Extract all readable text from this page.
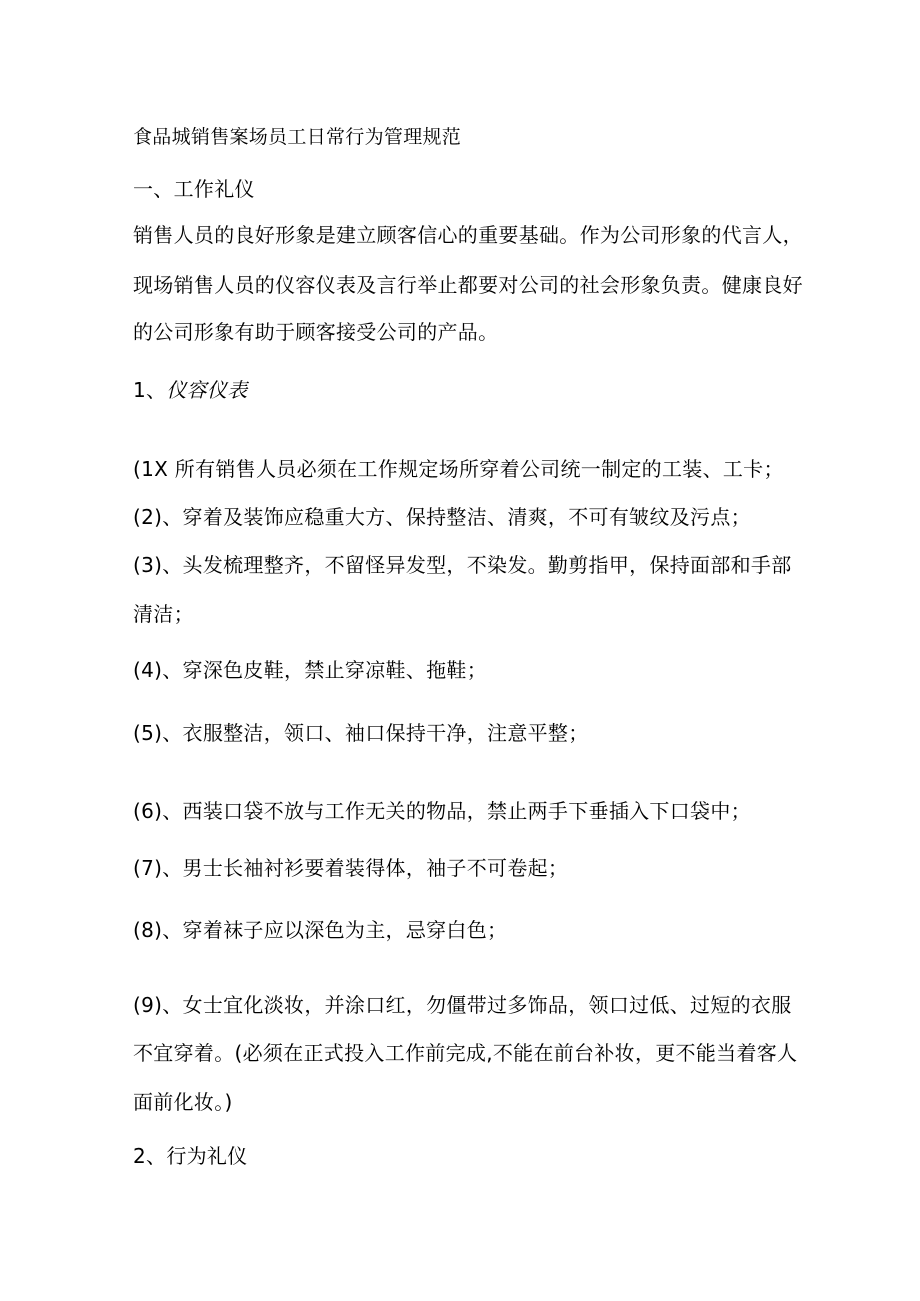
食品城销售案场员工日常行为管理规范
一、工作礼仪
销售人员的良好形象是建立顾客信心的重要基础。作为公司形象的代言人，
现场销售人员的仪容仪表及言行举止都要对公司的社会形象负责。健康良好
的公司形象有助于顾客接受公司的产品。
1、仪容仪表
(1X 所有销售人员必须在工作规定场所穿着公司统一制定的工装、工卡；
(2)、穿着及装饰应稳重大方、保持整洁、清爽，不可有皱纹及污点；
(3)、头发梳理整齐，不留怪异发型，不染发。勤剪指甲，保持面部和手部
清洁；
(4)、穿深色皮鞋，禁止穿凉鞋、拖鞋；
(5)、衣服整洁，领口、袖口保持干净，注意平整；
(6)、西装口袋不放与工作无关的物品，禁止两手下垂插入下口袋中；
(7)、男士长袖衬衫要着装得体，袖子不可卷起；
(8)、穿着袜子应以深色为主，忌穿白色；
(9)、女士宜化淡妆，并涂口红，勿僵带过多饰品，领口过低、过短的衣服
不宜穿着。(必须在正式投入工作前完成,不能在前台补妆，更不能当着客人
面前化妆。)
2、行为礼仪
